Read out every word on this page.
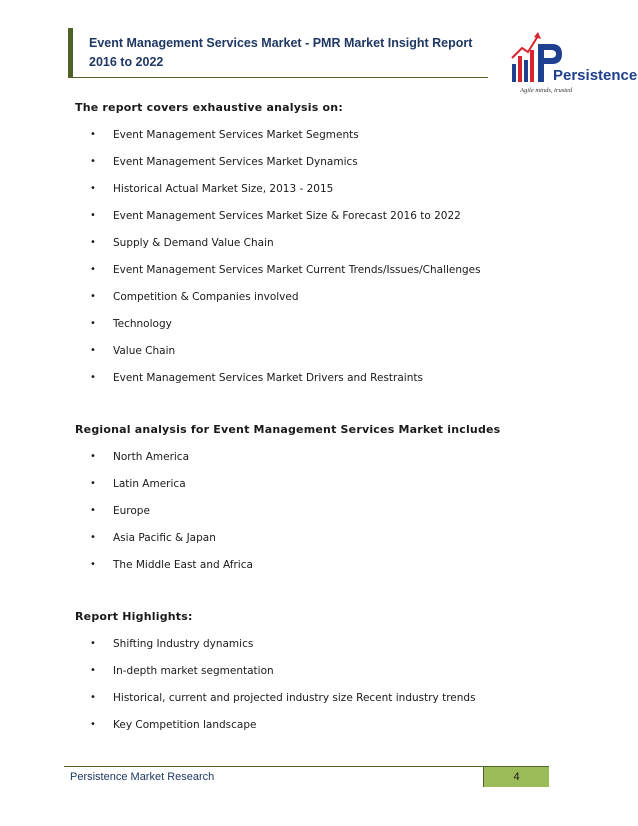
Event Management Services Market - PMR Market Insight Report

2016 to 2022

Persistence
Agile minds, trusted

The report covers exhaustive analysis on:

• Event Management Services Market Segments
• Event Management Services Market Dynamics
• Historical Actual Market Size, 2013 - 2015
• Event Management Services Market Size & Forecast 2016 to 2022
• Supply & Demand Value Chain
• Event Management Services Market Current Trends/Issues/Challenges
• Competition & Companies involved
• Technology
• Value Chain
• Event Management Services Market Drivers and Restraints

Regional analysis for Event Management Services Market includes

• North America
• Latin America
• Europe
• Asia Pacific & Japan
• The Middle East and Africa

Report Highlights:

• Shifting Industry dynamics
• In-depth market segmentation
• Historical, current and projected industry size Recent industry trends
• Key Competition landscape
Persistence Market Research	4
